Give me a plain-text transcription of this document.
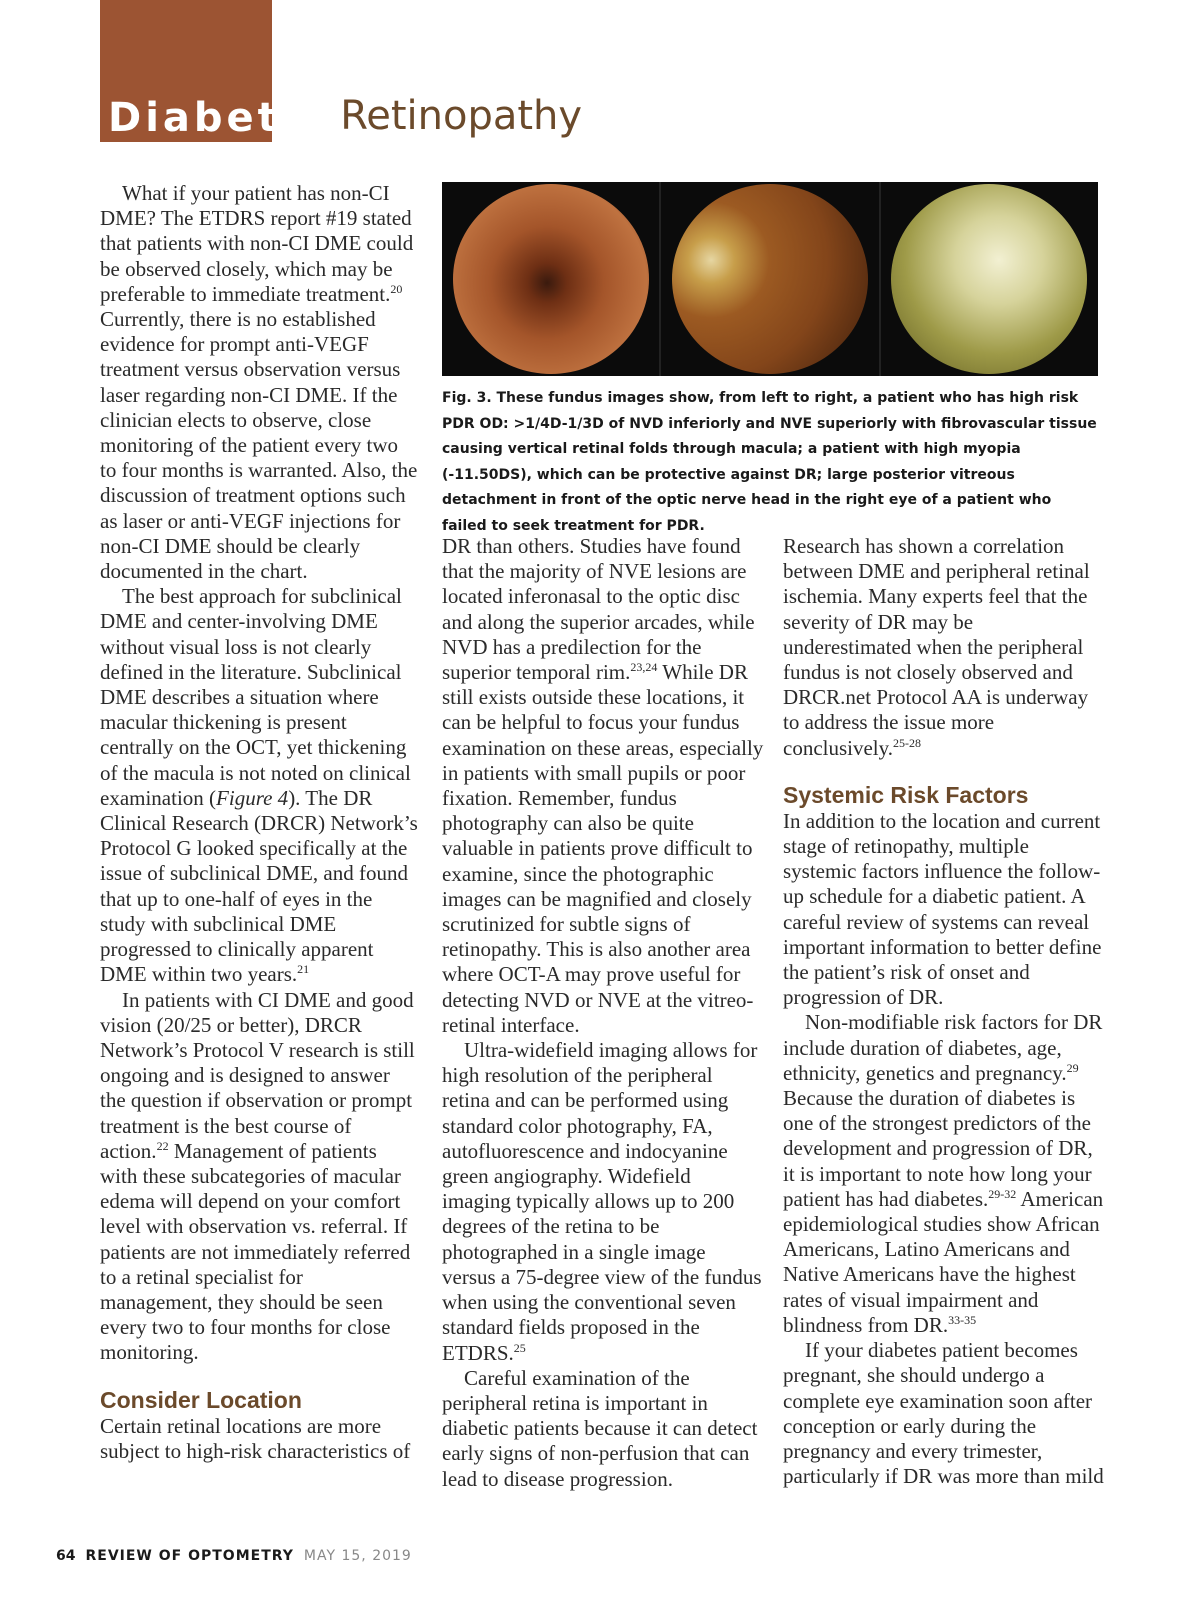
Diabetic Retinopathy

What if your patient has non-CI DME? The ETDRS report #19 stated that patients with non-CI DME could be observed closely, which may be preferable to immediate treatment.$^{20}$ Currently, there is no established evidence for prompt anti-VEGF treatment versus observation versus laser regarding non-CI DME. If the clinician elects to observe, close monitoring of the patient every two to four months is warranted. Also, the discussion of treatment options such as laser or anti-VEGF injections for non-CI DME should be clearly documented in the chart.

The best approach for subclinical DME and center-involving DME without visual loss is not clearly defined in the literature. Subclinical DME describes a situation where macular thickening is present centrally on the OCT, yet thickening of the macula is not noted on clinical examination (Figure 4). The DR Clinical Research (DRCR) Network’s Protocol G looked specifically at the issue of subclinical DME, and found that up to one-half of eyes in the study with subclinical DME progressed to clinically apparent DME within two years.$^{21}$

In patients with CI DME and good vision (20/25 or better), DRCR Network’s Protocol V research is still ongoing and is designed to answer the question if observation or prompt treatment is the best course of action.$^{22}$ Management of patients with these subcategories of macular edema will depend on your comfort level with observation vs. referral. If patients are not immediately referred to a retinal specialist for management, they should be seen every two to four months for close monitoring.

Consider Location

Certain retinal locations are more subject to high-risk characteristics of

Fig. 3. These fundus images show, from left to right, a patient who has high risk PDR OD: >1/4D-1/3D of NVD inferiorly and NVE superiorly with fibrovascular tissue causing vertical retinal folds through macula; a patient with high myopia (-11.50DS), which can be protective against DR; large posterior vitreous detachment in front of the optic nerve head in the right eye of a patient who failed to seek treatment for PDR.

DR than others. Studies have found that the majority of NVE lesions are located inferonasal to the optic disc and along the superior arcades, while NVD has a predilection for the superior temporal rim.$^{23,24}$ While DR still exists outside these locations, it can be helpful to focus your fundus examination on these areas, especially in patients with small pupils or poor fixation. Remember, fundus photography can also be quite valuable in patients prove difficult to examine, since the photographic images can be magnified and closely scrutinized for subtle signs of retinopathy. This is also another area where OCT-A may prove useful for detecting NVD or NVE at the vitreo-retinal interface.

Ultra-widefield imaging allows for high resolution of the peripheral retina and can be performed using standard color photography, FA, autofluorescence and indocyanine green angiography. Widefield imaging typically allows up to 200 degrees of the retina to be photographed in a single image versus a 75-degree view of the fundus when using the conventional seven standard fields proposed in the ETDRS.$^{25}$

Careful examination of the peripheral retina is important in diabetic patients because it can detect early signs of non-perfusion that can lead to disease progression.

Research has shown a correlation between DME and peripheral retinal ischemia. Many experts feel that the severity of DR may be underestimated when the peripheral fundus is not closely observed and DRCR.net Protocol AA is underway to address the issue more conclusively.$^{25-28}$

Systemic Risk Factors

In addition to the location and current stage of retinopathy, multiple systemic factors influence the follow-up schedule for a diabetic patient. A careful review of systems can reveal important information to better define the patient’s risk of onset and progression of DR.

Non-modifiable risk factors for DR include duration of diabetes, age, ethnicity, genetics and pregnancy.$^{29}$ Because the duration of diabetes is one of the strongest predictors of the development and progression of DR, it is important to note how long your patient has had diabetes.$^{29-32}$ American epidemiological studies show African Americans, Latino Americans and Native Americans have the highest rates of visual impairment and blindness from DR.$^{33-35}$

If your diabetes patient becomes pregnant, she should undergo a complete eye examination soon after conception or early during the pregnancy and every trimester, particularly if DR was more than mild

64 REVIEW OF OPTOMETRY MAY 15, 2019
